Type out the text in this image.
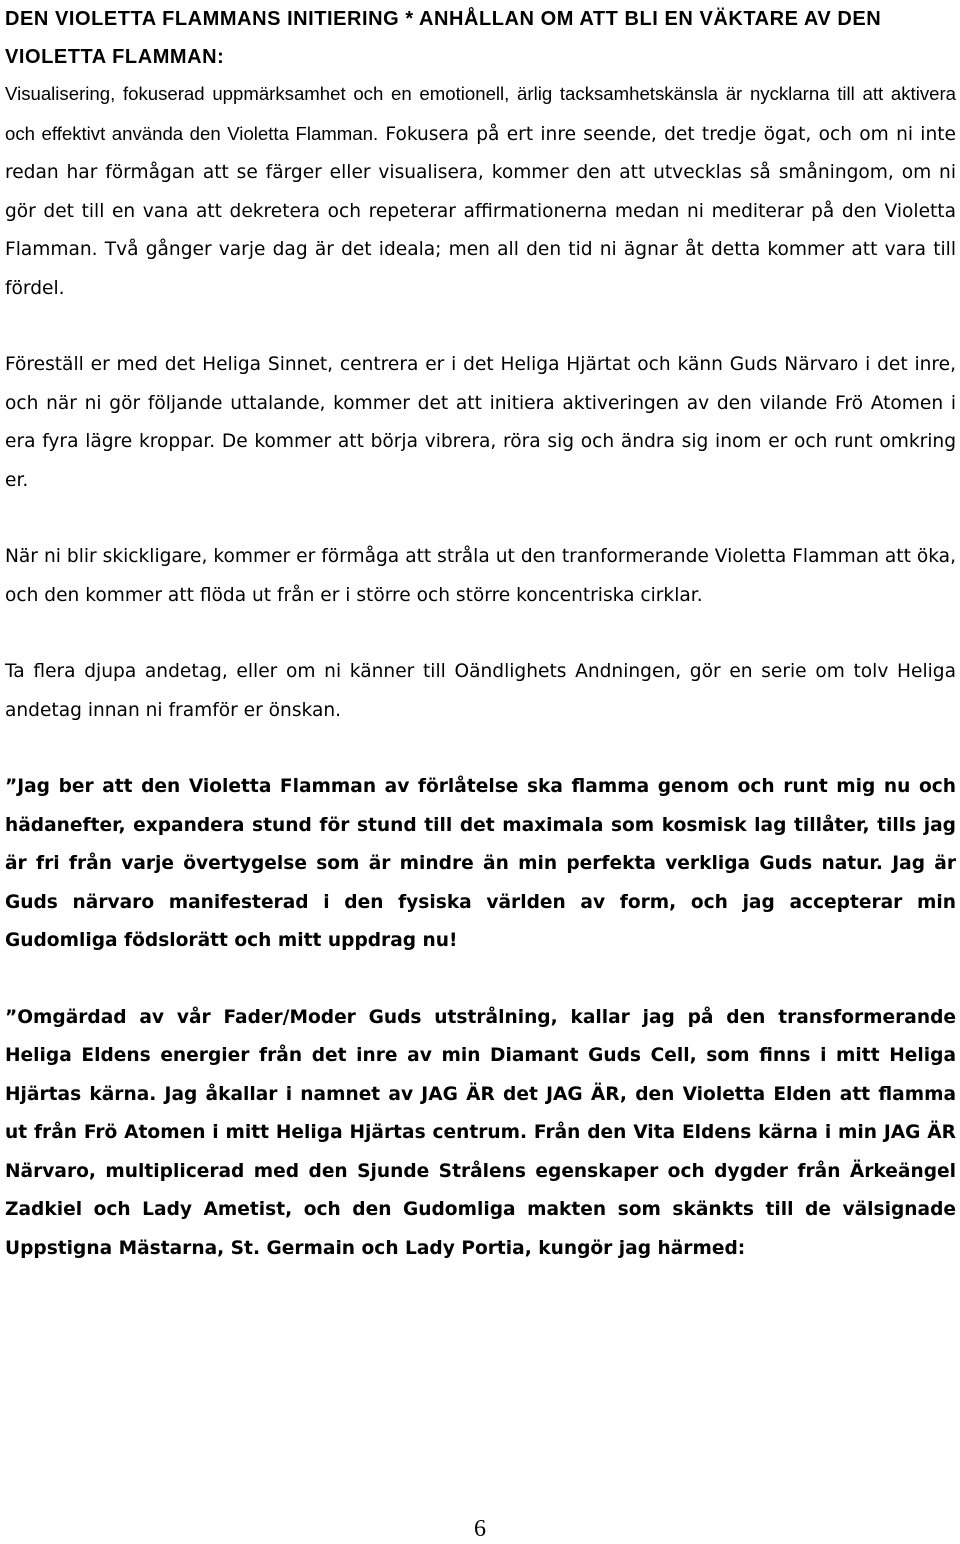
DEN VIOLETTA FLAMMANS INITIERING * ANHÅLLAN OM ATT BLI EN VÄKTARE AV DEN VIOLETTA FLAMMAN:

Visualisering, fokuserad uppmärksamhet och en emotionell, ärlig tacksamhetskänsla är nycklarna till att aktivera och effektivt använda den Violetta Flamman. Fokusera på ert inre seende, det tredje ögat, och om ni inte redan har förmågan att se färger eller visualisera, kommer den att utvecklas så småningom, om ni gör det till en vana att dekretera och repeterar affirmationerna medan ni mediterar på den Violetta Flamman. Två gånger varje dag är det ideala; men all den tid ni ägnar åt detta kommer att vara till fördel.

Föreställ er med det Heliga Sinnet, centrera er i det Heliga Hjärtat och känn Guds Närvaro i det inre, och när ni gör följande uttalande, kommer det att initiera aktiveringen av den vilande Frö Atomen i era fyra lägre kroppar. De kommer att börja vibrera, röra sig och ändra sig inom er och runt omkring er.

När ni blir skickligare, kommer er förmåga att stråla ut den tranformerande Violetta Flamman att öka, och den kommer att flöda ut från er i större och större koncentriska cirklar.

Ta flera djupa andetag, eller om ni känner till Oändlighets Andningen, gör en serie om tolv Heliga andetag innan ni framför er önskan.

”Jag ber att den Violetta Flamman av förlåtelse ska flamma genom och runt mig nu och hädanefter, expandera stund för stund till det maximala som kosmisk lag tillåter, tills jag är fri från varje övertygelse som är mindre än min perfekta verkliga Guds natur. Jag är Guds närvaro manifesterad i den fysiska världen av form, och jag accepterar min Gudomliga födslorätt och mitt uppdrag nu!

”Omgärdad av vår Fader/Moder Guds utstrålning, kallar jag på den transformerande Heliga Eldens energier från det inre av min Diamant Guds Cell, som finns i mitt Heliga Hjärtas kärna. Jag åkallar i namnet av JAG ÄR det JAG ÄR, den Violetta Elden att flamma ut från Frö Atomen i mitt Heliga Hjärtas centrum. Från den Vita Eldens kärna i min JAG ÄR Närvaro, multiplicerad med den Sjunde Strålens egenskaper och dygder från Ärkeängel Zadkiel och Lady Ametist, och den Gudomliga makten som skänkts till de välsignade Uppstigna Mästarna, St. Germain och Lady Portia, kungör jag härmed:

6
